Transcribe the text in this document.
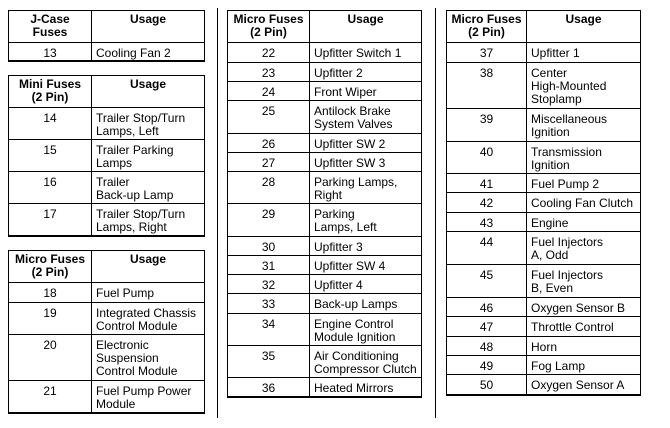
J-Case
Fuses	Usage
13	Cooling Fan 2
Mini Fuses
(2 Pin)	Usage
14	Trailer Stop/Turn
Lamps, Left

15	Trailer Parking
Lamps

16	Trailer
Back-up Lamp

17	Trailer Stop/Turn
Lamps, Right
Micro Fuses
(2 Pin)	Usage
18	Fuel Pump

19	Integrated Chassis
Control Module

20	Electronic
Suspension
Control Module

21	Fuel Pump Power
Module
Micro Fuses
(2 Pin)	Usage
22	Upfitter Switch 1

23	Upfitter 2

24	Front Wiper

25	Antilock Brake
System Valves

26	Upfitter SW 2

27	Upfitter SW 3

28	Parking Lamps,
Right

29	Parking
Lamps, Left

30	Upfitter 3

31	Upfitter SW 4

32	Upfitter 4

33	Back-up Lamps

34	Engine Control
Module Ignition

35	Air Conditioning
Compressor Clutch

36	Heated Mirrors
Micro Fuses
(2 Pin)	Usage
37	Upfitter 1

38	Center
High-Mounted
Stoplamp

39	Miscellaneous
Ignition

40	Transmission
Ignition

41	Fuel Pump 2

42	Cooling Fan Clutch

43	Engine

44	Fuel Injectors
A, Odd

45	Fuel Injectors
B, Even

46	Oxygen Sensor B

47	Throttle Control

48	Horn

49	Fog Lamp

50	Oxygen Sensor A
